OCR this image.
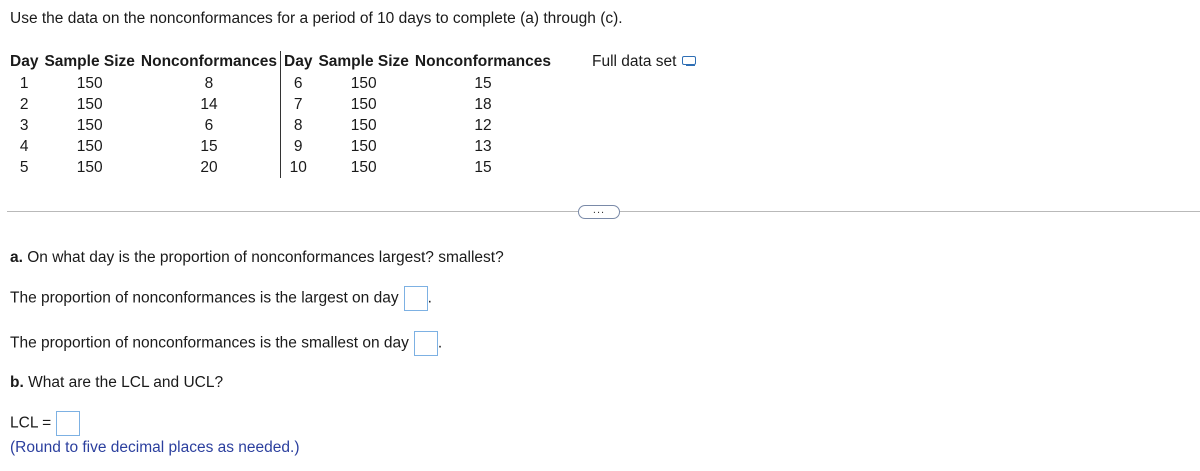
Use the data on the nonconformances for a period of 10 days to complete (a) through (c).
Day	Sample Size	Nonconformances	Day	Sample Size	Nonconformances
1	150	8	6	150	15
2	150	14	7	150	18
3	150	6	8	150	12
4	150	15	9	150	13
5	150	20	10	150	15
Full data set
...
a. On what day is the proportion of nonconformances largest? smallest?
The proportion of nonconformances is the largest on day .
The proportion of nonconformances is the smallest on day .
b. What are the LCL and UCL?
LCL =
(Round to five decimal places as needed.)
